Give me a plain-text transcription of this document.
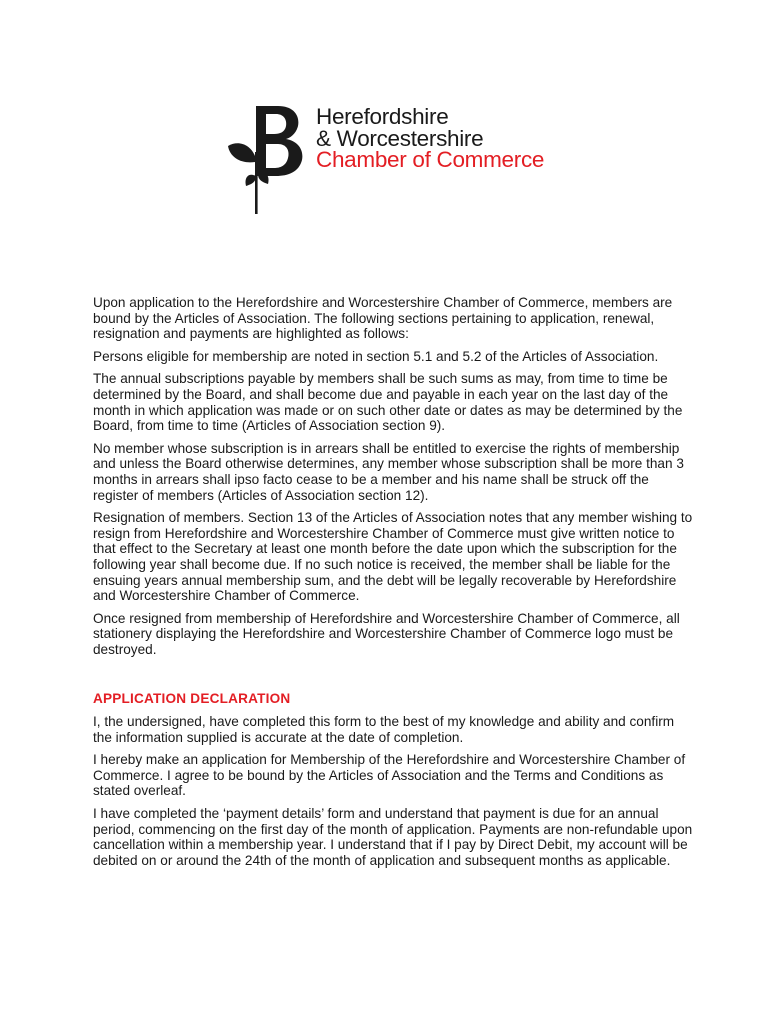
Herefordshire
& Worcestershire
Chamber of Commerce

Upon application to the Herefordshire and Worcestershire Chamber of Commerce, members are bound by the Articles of Association. The following sections pertaining to application, renewal, resignation and payments are highlighted as follows:

Persons eligible for membership are noted in section 5.1 and 5.2 of the Articles of Association.

The annual subscriptions payable by members shall be such sums as may, from time to time be determined by the Board, and shall become due and payable in each year on the last day of the month in which application was made or on such other date or dates as may be determined by the Board, from time to time (Articles of Association section 9).

No member whose subscription is in arrears shall be entitled to exercise the rights of membership and unless the Board otherwise determines, any member whose subscription shall be more than 3 months in arrears shall ipso facto cease to be a member and his name shall be struck off the register of members (Articles of Association section 12).

Resignation of members. Section 13 of the Articles of Association notes that any member wishing to resign from Herefordshire and Worcestershire Chamber of Commerce must give written notice to that effect to the Secretary at least one month before the date upon which the subscription for the following year shall become due. If no such notice is received, the member shall be liable for the ensuing years annual membership sum, and the debt will be legally recoverable by Herefordshire and Worcestershire Chamber of Commerce.

Once resigned from membership of Herefordshire and Worcestershire Chamber of Commerce, all stationery displaying the Herefordshire and Worcestershire Chamber of Commerce logo must be destroyed.

APPLICATION DECLARATION

I, the undersigned, have completed this form to the best of my knowledge and ability and confirm the information supplied is accurate at the date of completion.

I hereby make an application for Membership of the Herefordshire and Worcestershire Chamber of Commerce. I agree to be bound by the Articles of Association and the Terms and Conditions as stated overleaf.

I have completed the ‘payment details’ form and understand that payment is due for an annual period, commencing on the first day of the month of application. Payments are non-refundable upon cancellation within a membership year. I understand that if I pay by Direct Debit, my account will be debited on or around the 24th of the month of application and subsequent months as applicable.
